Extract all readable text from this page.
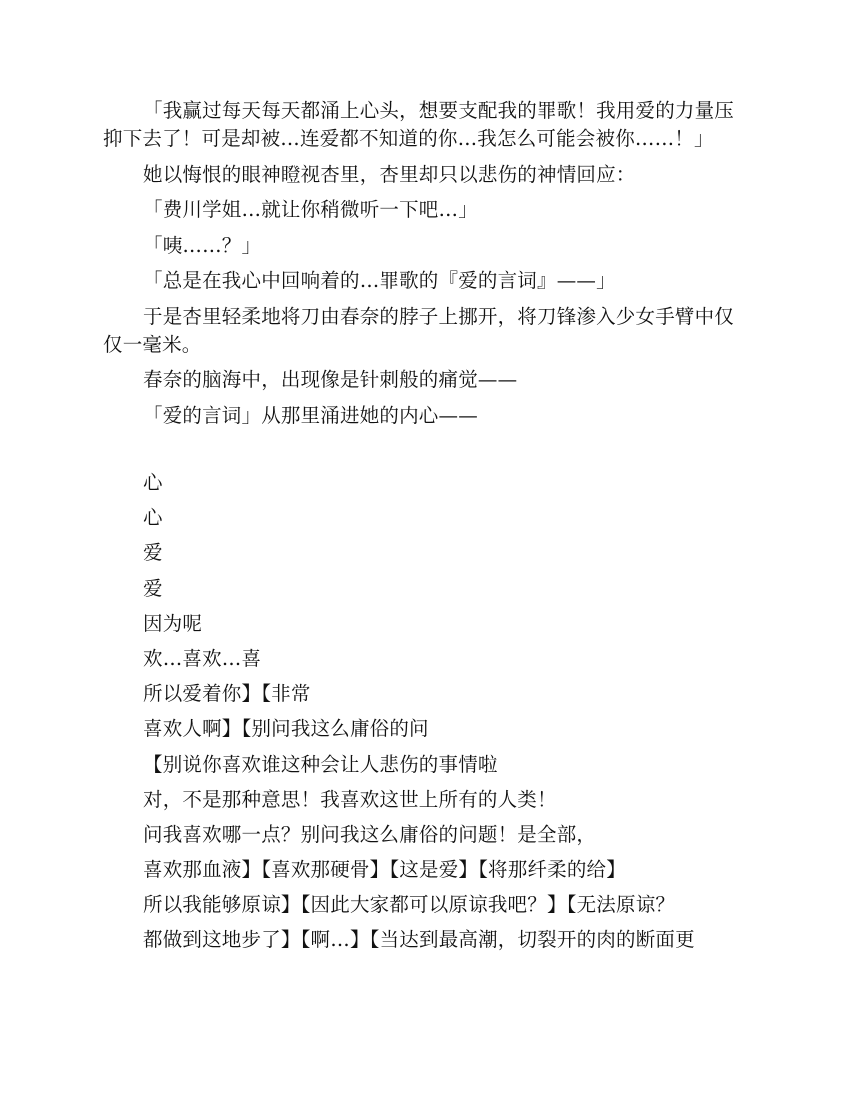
「我赢过每天每天都涌上心头，想要支配我的罪歌！我用爱的力量压抑下去了！可是却被…连爱都不知道的你…我怎么可能会被你……！」

她以悔恨的眼神瞪视杏里，杏里却只以悲伤的神情回应：

「费川学姐…就让你稍微听一下吧…」

「咦……？」

「总是在我心中回响着的…罪歌的『爱的言词』——」

于是杏里轻柔地将刀由春奈的脖子上挪开，将刀锋渗入少女手臂中仅仅一毫米。

春奈的脑海中，出现像是针刺般的痛觉——

「爱的言词」从那里涌进她的内心——

心
心
爱
爱
因为呢
欢…喜欢…喜
所以爱着你】【非常
喜欢人啊】【别问我这么庸俗的问
【别说你喜欢谁这种会让人悲伤的事情啦
对，不是那种意思！我喜欢这世上所有的人类！
问我喜欢哪一点？别问我这么庸俗的问题！是全部，
喜欢那血液】【喜欢那硬骨】【这是爱】【将那纤柔的给】
所以我能够原谅】【因此大家都可以原谅我吧？】【无法原谅？
都做到这地步了】【啊…】【当达到最高潮，切裂开的肉的断面更
